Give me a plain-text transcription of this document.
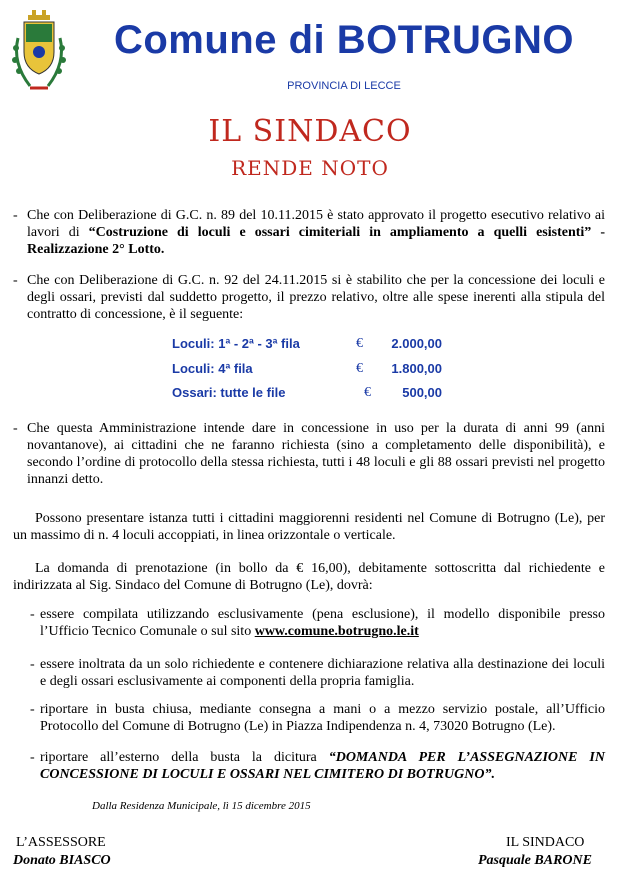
Comune di BOTRUGNO
PROVINCIA DI LECCE
IL SINDACO
RENDE NOTO
- Che con Deliberazione di G.C. n. 89 del 10.11.2015 è stato approvato il progetto esecutivo relativo ai lavori di “Costruzione di loculi e ossari cimiteriali in ampliamento a quelli esistenti” - Realizzazione 2° Lotto.
- Che con Deliberazione di G.C. n. 92 del 24.11.2015 si è stabilito che per la concessione dei loculi e degli ossari, previsti dal suddetto progetto, il prezzo relativo, oltre alle spese inerenti alla stipula del contratto di concessione, è il seguente:
Loculi: 1ª - 2ª - 3ª fila	€ 2.000,00
Loculi: 4ª fila	€ 1.800,00
Ossari: tutte le file	€ 500,00
- Che questa Amministrazione intende dare in concessione in uso per la durata di anni 99 (anni novantanove), ai cittadini che ne faranno richiesta (sino a completamento delle disponibilità), e secondo l’ordine di protocollo della stessa richiesta, tutti i 48 loculi e gli 88 ossari previsti nel progetto innanzi detto.
Possono presentare istanza tutti i cittadini maggiorenni residenti nel Comune di Botrugno (Le), per un massimo di n. 4 loculi accoppiati, in linea orizzontale o verticale.
La domanda di prenotazione (in bollo da € 16,00), debitamente sottoscritta dal richiedente e indirizzata al Sig. Sindaco del Comune di Botrugno (Le), dovrà:
- essere compilata utilizzando esclusivamente (pena esclusione), il modello disponibile presso l’Ufficio Tecnico Comunale o sul sito www.comune.botrugno.le.it
- essere inoltrata da un solo richiedente e contenere dichiarazione relativa alla destinazione dei loculi e degli ossari esclusivamente ai componenti della propria famiglia.
- riportare in busta chiusa, mediante consegna a mani o a mezzo servizio postale, all’Ufficio Protocollo del Comune di Botrugno (Le) in Piazza Indipendenza n. 4, 73020 Botrugno (Le).
- riportare all’esterno della busta la dicitura “DOMANDA PER L’ASSEGNAZIONE IN CONCESSIONE DI LOCULI E OSSARI NEL CIMITERO DI BOTRUGNO”.
Dalla Residenza Municipale, lì 15 dicembre 2015
L’ASSESSORE
Donato BIASCO
IL SINDACO
Pasquale BARONE
